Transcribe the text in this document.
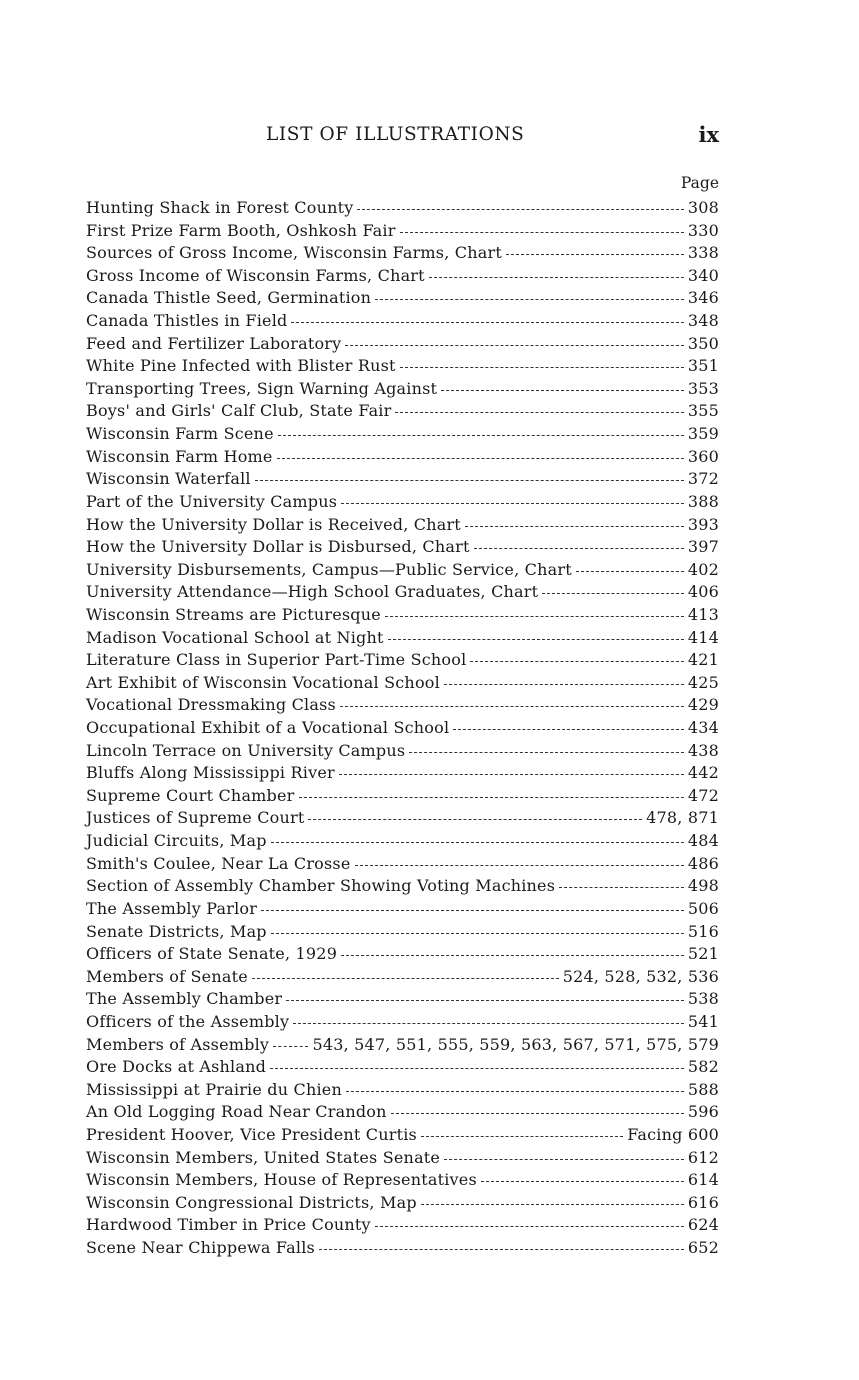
LIST OF ILLUSTRATIONS	ix
Page
Hunting Shack in Forest County	308
First Prize Farm Booth, Oshkosh Fair	330
Sources of Gross Income, Wisconsin Farms, Chart	338
Gross Income of Wisconsin Farms, Chart	340
Canada Thistle Seed, Germination	346
Canada Thistles in Field	348
Feed and Fertilizer Laboratory	350
White Pine Infected with Blister Rust	351
Transporting Trees, Sign Warning Against	353
Boys' and Girls' Calf Club, State Fair	355
Wisconsin Farm Scene	359
Wisconsin Farm Home	360
Wisconsin Waterfall	372
Part of the University Campus	388
How the University Dollar is Received, Chart	393
How the University Dollar is Disbursed, Chart	397
University Disbursements, Campus—Public Service, Chart	402
University Attendance—High School Graduates, Chart	406
Wisconsin Streams are Picturesque	413
Madison Vocational School at Night	414
Literature Class in Superior Part-Time School	421
Art Exhibit of Wisconsin Vocational School	425
Vocational Dressmaking Class	429
Occupational Exhibit of a Vocational School	434
Lincoln Terrace on University Campus	438
Bluffs Along Mississippi River	442
Supreme Court Chamber	472
Justices of Supreme Court	478, 871
Judicial Circuits, Map	484
Smith's Coulee, Near La Crosse	486
Section of Assembly Chamber Showing Voting Machines	498
The Assembly Parlor	506
Senate Districts, Map	516
Officers of State Senate, 1929	521
Members of Senate	524, 528, 532, 536
The Assembly Chamber	538
Officers of the Assembly	541
Members of Assembly	543, 547, 551, 555, 559, 563, 567, 571, 575, 579
Ore Docks at Ashland	582
Mississippi at Prairie du Chien	588
An Old Logging Road Near Crandon	596
President Hoover, Vice President Curtis	Facing 600
Wisconsin Members, United States Senate	612
Wisconsin Members, House of Representatives	614
Wisconsin Congressional Districts, Map	616
Hardwood Timber in Price County	624
Scene Near Chippewa Falls	652
